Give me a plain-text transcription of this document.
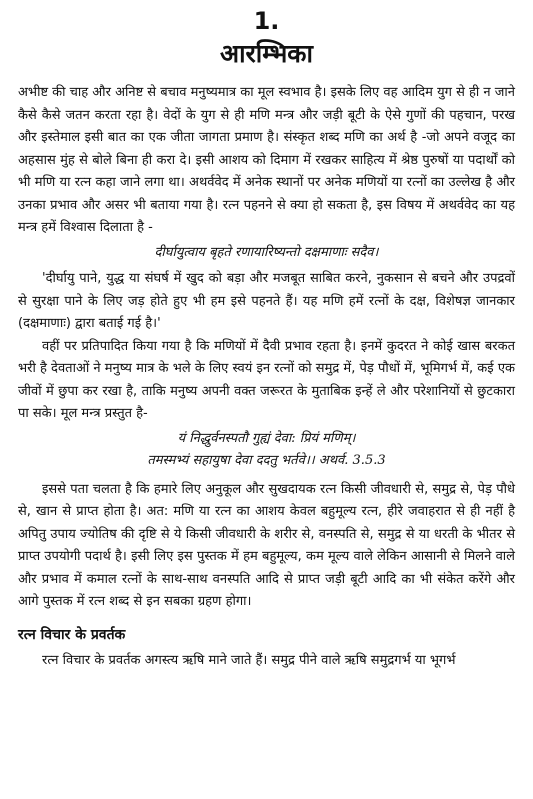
1.
आरम्भिका

अभीष्ट की चाह और अनिष्ट से बचाव मनुष्यमात्र का मूल स्वभाव है। इसके लिए वह आदिम युग से ही न जाने कैसे कैसे जतन करता रहा है। वेदों के युग से ही मणि मन्त्र और जड़ी बूटी के ऐसे गुणों की पहचान, परख और इस्तेमाल इसी बात का एक जीता जागता प्रमाण है। संस्कृत शब्द मणि का अर्थ है -जो अपने वजूद का अहसास मुंह से बोले बिना ही करा दे। इसी आशय को दिमाग में रखकर साहित्य में श्रेष्ठ पुरुषों या पदार्थों को भी मणि या रत्न कहा जाने लगा था। अथर्ववेद में अनेक स्थानों पर अनेक मणियों या रत्नों का उल्लेख है और उनका प्रभाव और असर भी बताया गया है। रत्न पहनने से क्या हो सकता है, इस विषय में अथर्ववेद का यह मन्त्र हमें विश्वास दिलाता है -

दीर्घायुत्वाय बृहते रणायारिष्यन्तो दक्षमाणाः सदैव।

'दीर्घायु पाने, युद्ध या संघर्ष में खुद को बड़ा और मजबूत साबित करने, नुकसान से बचने और उपद्रवों से सुरक्षा पाने के लिए जड़ होते हुए भी हम इसे पहनते हैं। यह मणि हमें रत्नों के दक्ष, विशेषज्ञ जानकार (दक्षमाणाः) द्वारा बताई गई है।'

वहीं पर प्रतिपादित किया गया है कि मणियों में दैवी प्रभाव रहता है। इनमें कुदरत ने कोई खास बरकत भरी है देवताओं ने मनुष्य मात्र के भले के लिए स्वयं इन रत्नों को समुद्र में, पेड़ पौधों में, भूमिगर्भ में, कई एक जीवों में छुपा कर रखा है, ताकि मनुष्य अपनी वक्त जरूरत के मुताबिक इन्हें ले और परेशानियों से छुटकारा पा सके। मूल मन्त्र प्रस्तुत है-

यं निद्धुर्वनस्पतौ गुह्यं देवा: प्रियं मणिम्।
तमस्मभ्यं सहायुषा देवा ददतु भर्तवे।। अथर्व. 3.5.3

इससे पता चलता है कि हमारे लिए अनुकूल और सुखदायक रत्न किसी जीवधारी से, समुद्र से, पेड़ पौधे से, खान से प्राप्त होता है। अत: मणि या रत्न का आशय केवल बहुमूल्य रत्न, हीरे जवाहरात से ही नहीं है अपितु उपाय ज्योतिष की दृष्टि से ये किसी जीवधारी के शरीर से, वनस्पति से, समुद्र से या धरती के भीतर से प्राप्त उपयोगी पदार्थ है। इसी लिए इस पुस्तक में हम बहुमूल्य, कम मूल्य वाले लेकिन आसानी से मिलने वाले और प्रभाव में कमाल रत्नों के साथ-साथ वनस्पति आदि से प्राप्त जड़ी बूटी आदि का भी संकेत करेंगे और आगे पुस्तक में रत्न शब्द से इन सबका ग्रहण होगा।

रत्न विचार के प्रवर्तक

रत्न विचार के प्रवर्तक अगस्त्य ऋषि माने जाते हैं। समुद्र पीने वाले ऋषि समुद्रगर्भ या भूगर्भ
